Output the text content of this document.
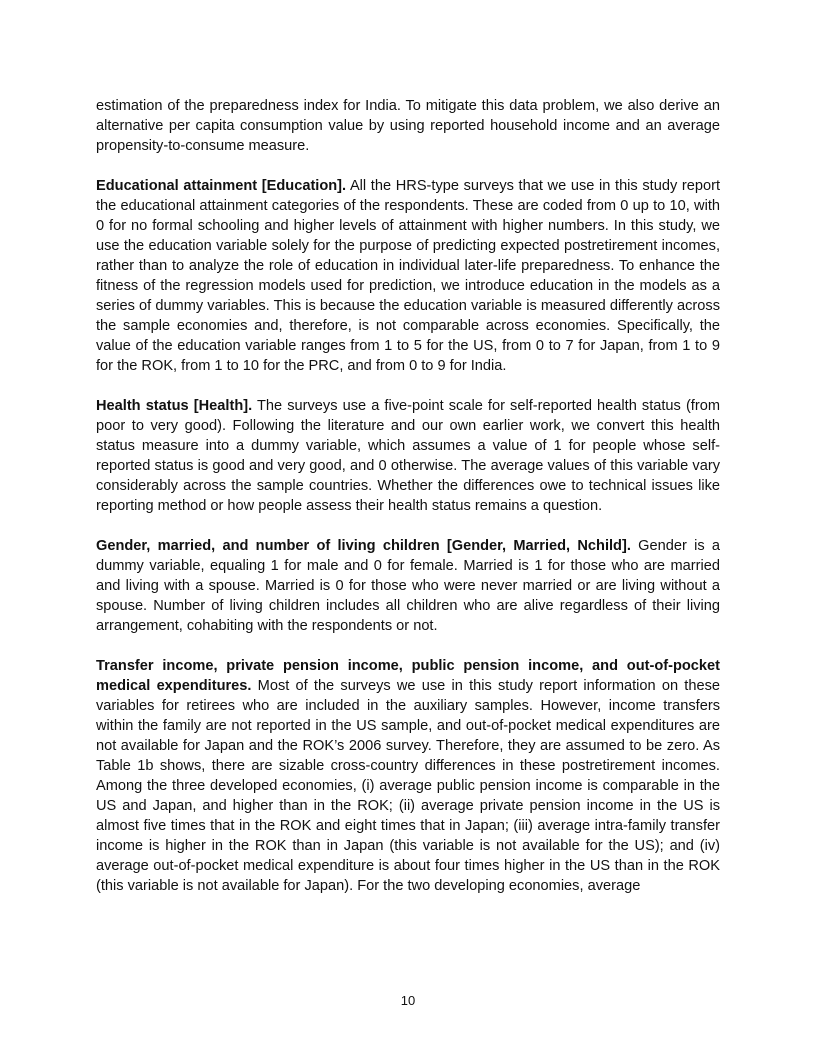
estimation of the preparedness index for India. To mitigate this data problem, we also derive an alternative per capita consumption value by using reported household income and an average propensity-to-consume measure.

Educational attainment [Education]. All the HRS-type surveys that we use in this study report the educational attainment categories of the respondents. These are coded from 0 up to 10, with 0 for no formal schooling and higher levels of attainment with higher numbers. In this study, we use the education variable solely for the purpose of predicting expected postretirement incomes, rather than to analyze the role of education in individual later-life preparedness. To enhance the fitness of the regression models used for prediction, we introduce education in the models as a series of dummy variables. This is because the education variable is measured differently across the sample economies and, therefore, is not comparable across economies. Specifically, the value of the education variable ranges from 1 to 5 for the US, from 0 to 7 for Japan, from 1 to 9 for the ROK, from 1 to 10 for the PRC, and from 0 to 9 for India.

Health status [Health]. The surveys use a five-point scale for self-reported health status (from poor to very good). Following the literature and our own earlier work, we convert this health status measure into a dummy variable, which assumes a value of 1 for people whose self-reported status is good and very good, and 0 otherwise. The average values of this variable vary considerably across the sample countries. Whether the differences owe to technical issues like reporting method or how people assess their health status remains a question.

Gender, married, and number of living children [Gender, Married, Nchild]. Gender is a dummy variable, equaling 1 for male and 0 for female. Married is 1 for those who are married and living with a spouse. Married is 0 for those who were never married or are living without a spouse. Number of living children includes all children who are alive regardless of their living arrangement, cohabiting with the respondents or not.

Transfer income, private pension income, public pension income, and out-of-pocket medical expenditures. Most of the surveys we use in this study report information on these variables for retirees who are included in the auxiliary samples. However, income transfers within the family are not reported in the US sample, and out-of-pocket medical expenditures are not available for Japan and the ROK’s 2006 survey. Therefore, they are assumed to be zero. As Table 1b shows, there are sizable cross-country differences in these postretirement incomes. Among the three developed economies, (i) average public pension income is comparable in the US and Japan, and higher than in the ROK; (ii) average private pension income in the US is almost five times that in the ROK and eight times that in Japan; (iii) average intra-family transfer income is higher in the ROK than in Japan (this variable is not available for the US); and (iv) average out-of-pocket medical expenditure is about four times higher in the US than in the ROK (this variable is not available for Japan). For the two developing economies, average

10
